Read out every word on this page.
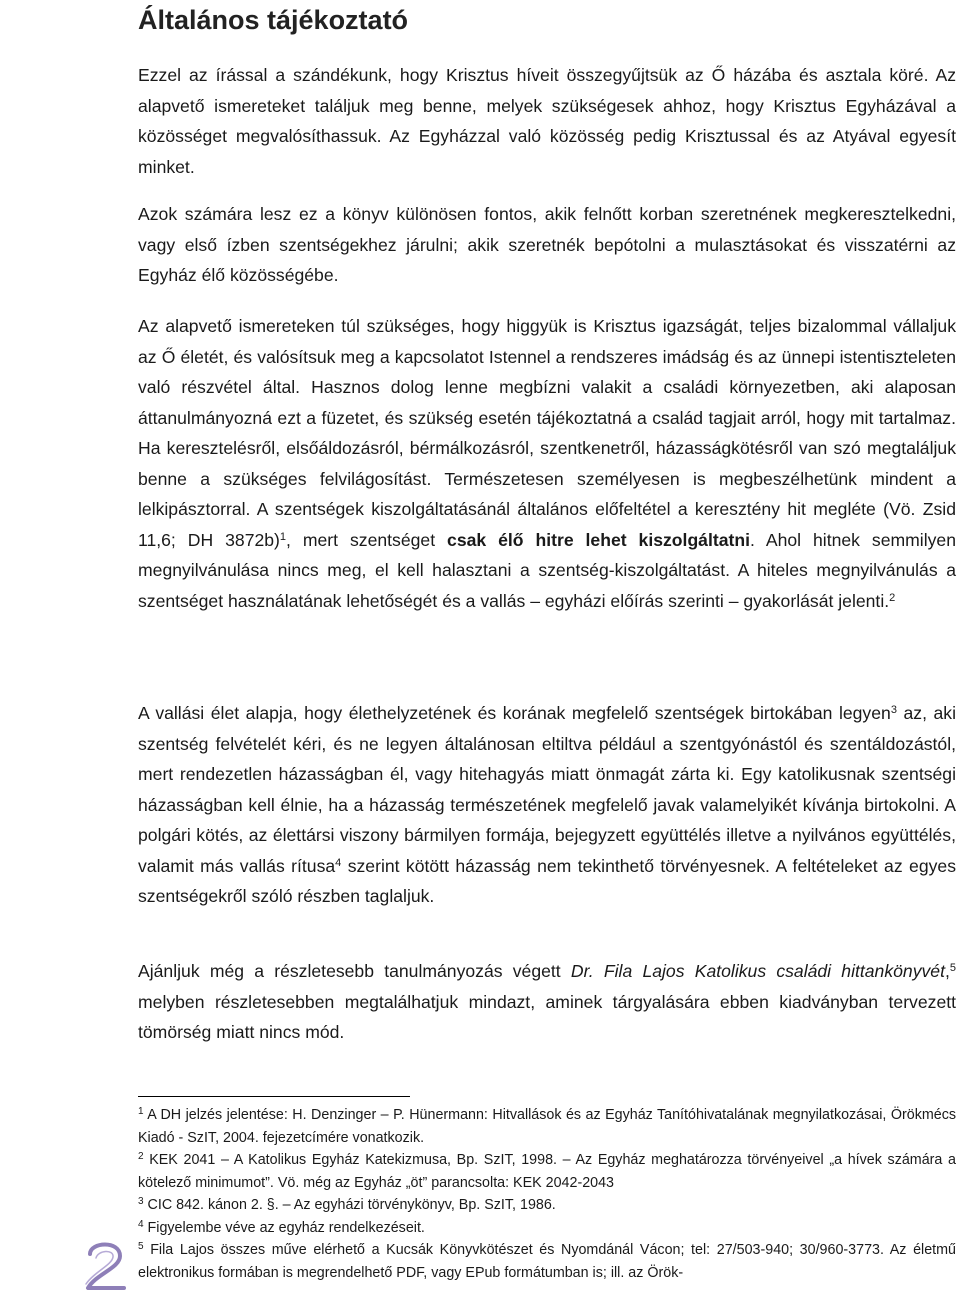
Általános tájékoztató

Ezzel az írással a szándékunk, hogy Krisztus híveit összegyűjtsük az Ő házába és asztala köré. Az alapvető ismereteket találjuk meg benne, melyek szükségesek ahhoz, hogy Krisztus Egyházával a közösséget megvalósíthassuk. Az Egyházzal való közösség pedig Krisztussal és az Atyával egyesít minket.

Azok számára lesz ez a könyv különösen fontos, akik felnőtt korban szeretnének megkeresztelkedni, vagy első ízben szentségekhez járulni; akik szeretnék bepótolni a mulasztásokat és visszatérni az Egyház élő közösségébe.

Az alapvető ismereteken túl szükséges, hogy higgyük is Krisztus igazságát, teljes bizalommal vállaljuk az Ő életét, és valósítsuk meg a kapcsolatot Istennel a rendszeres imádság és az ünnepi istentiszteleten való részvétel által. Hasznos dolog lenne megbízni valakit a családi környezetben, aki alaposan áttanulmányozná ezt a füzetet, és szükség esetén tájékoztatná a család tagjait arról, hogy mit tartalmaz. Ha keresztelésről, elsőáldozásról, bérmálkozásról, szentkenetről, házasságkötésről van szó megtaláljuk benne a szükséges felvilágosítást. Természetesen személyesen is megbeszélhetünk mindent a lelkipásztorral. A szentségek kiszolgáltatásánál általános előfeltétel a keresztény hit megléte (Vö. Zsid 11,6; DH 3872b)$^1$, mert szentséget csak élő hitre lehet kiszolgáltatni. Ahol hitnek semmilyen megnyilvánulása nincs meg, el kell halasztani a szentség-kiszolgáltatást. A hiteles megnyilvánulás a szentséget használatának lehetőségét és a vallás – egyházi előírás szerinti – gyakorlását jelenti.$^2$

A vallási élet alapja, hogy élethelyzetének és korának megfelelő szentségek birtokában legyen$^3$ az, aki szentség felvételét kéri, és ne legyen általánosan eltiltva például a szentgyónástól és szentáldozástól, mert rendezetlen házasságban él, vagy hitehagyás miatt önmagát zárta ki. Egy katolikusnak szentségi házasságban kell élnie, ha a házasság természetének megfelelő javak valamelyikét kívánja birtokolni. A polgári kötés, az élettársi viszony bármilyen formája, bejegyzett együttélés illetve a nyilvános együttélés, valamit más vallás rítusa$^4$ szerint kötött házasság nem tekinthető törvényesnek. A feltételeket az egyes szentségekről szóló részben taglaljuk.

Ajánljuk még a részletesebb tanulmányozás végett Dr. Fila Lajos Katolikus családi hittankönyvét,$^5$ melyben részletesebben megtalálhatjuk mindazt, aminek tárgyalására ebben kiadványban tervezett tömörség miatt nincs mód.

$^1$ A DH jelzés jelentése: H. Denzinger – P. Hünermann: Hitvallások és az Egyház Tanítóhivatalának megnyilatkozásai, Örökmécs Kiadó - SzIT, 2004. fejezetcímére vonatkozik.

$^2$ KEK 2041 – A Katolikus Egyház Katekizmusa, Bp. SzIT, 1998. – Az Egyház meghatározza törvényeivel „a hívek számára a kötelező minimumot”. Vö. még az Egyház „öt” parancsolta: KEK 2042-2043

$^3$ CIC 842. kánon 2. §. – Az egyházi törvénykönyv, Bp. SzIT, 1986.

$^4$ Figyelembe véve az egyház rendelkezéseit.

$^5$ Fila Lajos összes műve elérhető a Kucsák Könyvkötészet és Nyomdánál Vácon; tel: 27/503-940; 30/960-3773. Az életmű elektronikus formában is megrendelhető PDF, vagy EPub formátumban is; ill. az Örök-
